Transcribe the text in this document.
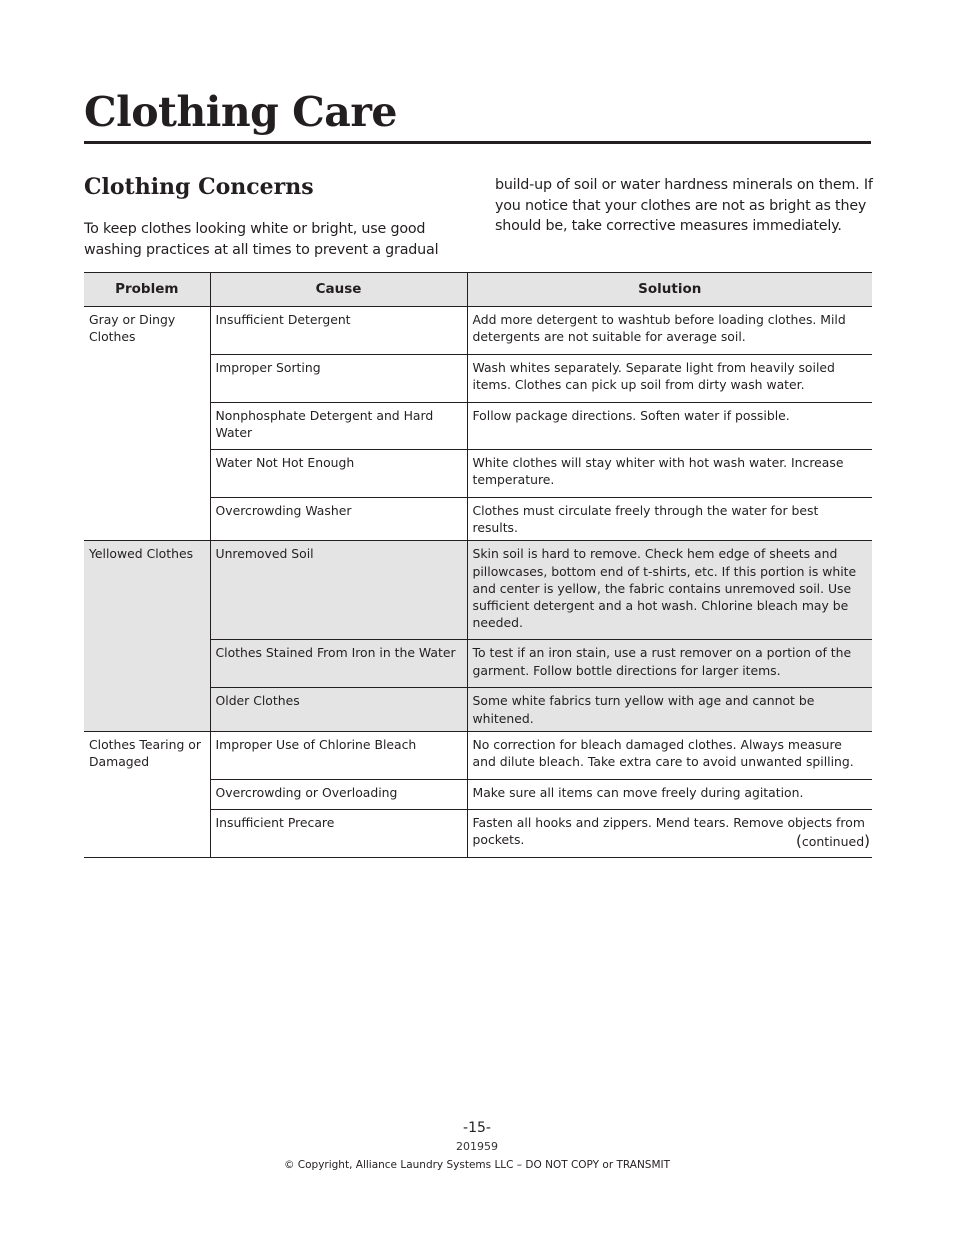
Clothing Care
Clothing Concerns

To keep clothes looking white or bright, use good washing practices at all times to prevent a gradual

build-up of soil or water hardness minerals on them. If you notice that your clothes are not as bright as they should be, take corrective measures immediately.

Problem	Cause	Solution
Gray or Dingy Clothes	Insufficient Detergent	Add more detergent to washtub before loading clothes. Mild detergents are not suitable for average soil.
	Improper Sorting	Wash whites separately. Separate light from heavily soiled items. Clothes can pick up soil from dirty wash water.
	Nonphosphate Detergent and Hard Water	Follow package directions. Soften water if possible.
	Water Not Hot Enough	White clothes will stay whiter with hot wash water. Increase temperature.
	Overcrowding Washer	Clothes must circulate freely through the water for best results.
Yellowed Clothes	Unremoved Soil	Skin soil is hard to remove. Check hem edge of sheets and pillowcases, bottom end of t-shirts, etc. If this portion is white and center is yellow, the fabric contains unremoved soil. Use sufficient detergent and a hot wash. Chlorine bleach may be needed.
	Clothes Stained From Iron in the Water	To test if an iron stain, use a rust remover on a portion of the garment. Follow bottle directions for larger items.
	Older Clothes	Some white fabrics turn yellow with age and cannot be whitened.
Clothes Tearing or Damaged	Improper Use of Chlorine Bleach	No correction for bleach damaged clothes. Always measure and dilute bleach. Take extra care to avoid unwanted spilling.
	Overcrowding or Overloading	Make sure all items can move freely during agitation.
	Insufficient Precare	Fasten all hooks and zippers. Mend tears. Remove objects from pockets.	(continued)

-15-

201959

© Copyright, Alliance Laundry Systems LLC – DO NOT COPY or TRANSMIT
